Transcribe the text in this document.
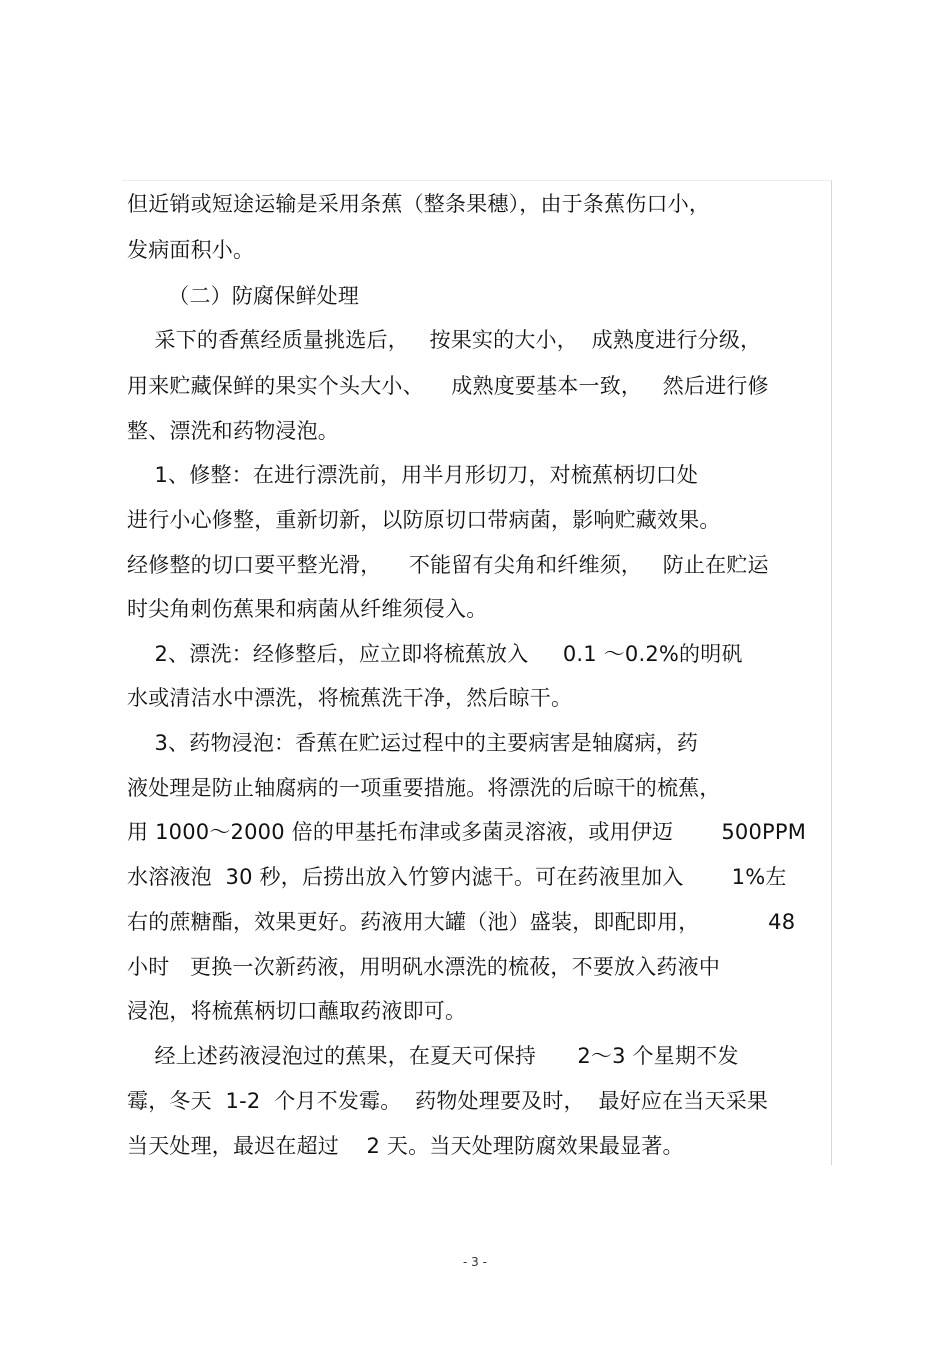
但近销或短途运输是采用条蕉（整条果穗），由于条蕉伤口小，
发病面积小。
（二）防腐保鲜处理
采下的香蕉经质量挑选后，   按果实的大小，  成熟度进行分级，
用来贮藏保鲜的果实个头大小、    成熟度要基本一致，   然后进行修
整、漂洗和药物浸泡。
1、修整：在进行漂洗前，用半月形切刀，对梳蕉柄切口处
进行小心修整，重新切新，以防原切口带病菌，影响贮藏效果。
经修整的切口要平整光滑，    不能留有尖角和纤维须，   防止在贮运
时尖角刺伤蕉果和病菌从纤维须侵入。
2、漂洗：经修整后，应立即将梳蕉放入     0.1 ～0.2%的明矾
水或清洁水中漂洗，将梳蕉洗干净，然后晾干。
3、药物浸泡：香蕉在贮运过程中的主要病害是轴腐病，药
液处理是防止轴腐病的一项重要措施。将漂洗的后晾干的梳蕉，
用 1000～2000 倍的甲基托布津或多菌灵溶液，或用伊迈       500PPM
水溶液泡  30 秒，后捞出放入竹箩内滤干。可在药液里加入       1%左
右的蔗糖酯，效果更好。药液用大罐（池）盛装，即配即用，          48
小时   更换一次新药液，用明矾水漂洗的梳莜，不要放入药液中
浸泡，将梳蕉柄切口蘸取药液即可。
经上述药液浸泡过的蕉果，在夏天可保持      2～3 个星期不发
霉，冬天  1-2  个月不发霉。  药物处理要及时，  最好应在当天采果
当天处理，最迟在超过    2 天。当天处理防腐效果最显著。
- 3 -
